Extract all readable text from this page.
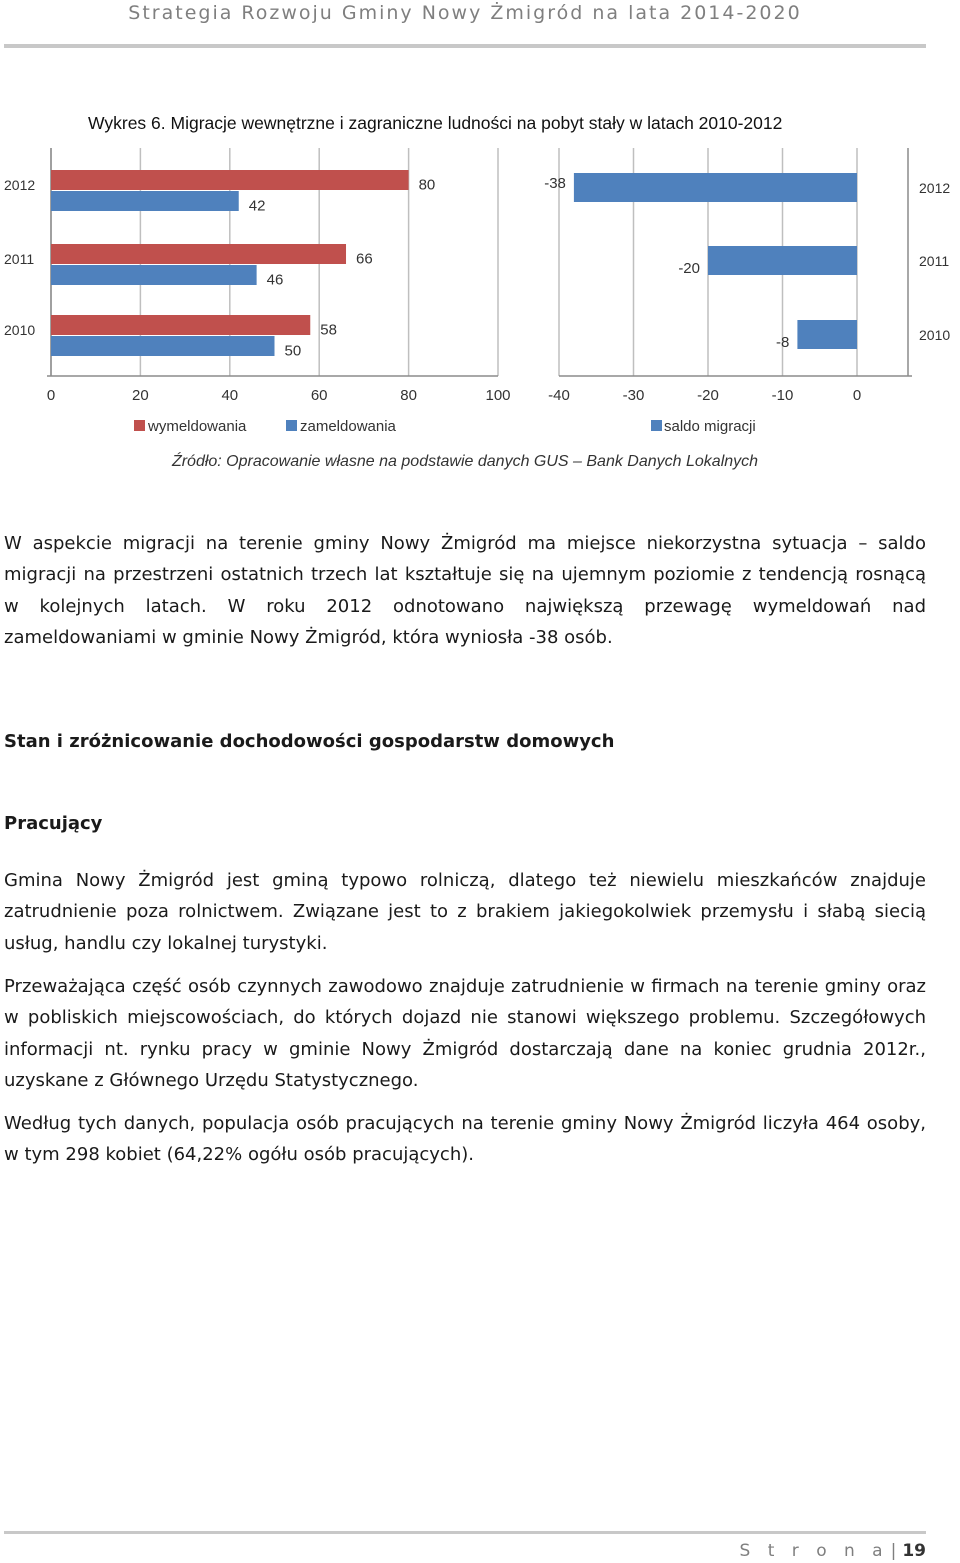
Strategia Rozwoju Gminy Nowy Żmigród na lata 2014-2020
Wykres 6. Migracje wewnętrzne i zagraniczne ludności na pobyt stały w latach 2010-2012
0	20	40	60	80	100
2012	80
42
2011	66
46
2010	58
50
wymeldowania	zameldowania
-40	-30	-20	-10	0
-38	2012
-20	2011
-8	2010
saldo migracji
Źródło: Opracowanie własne na podstawie danych GUS – Bank Danych Lokalnych

W aspekcie migracji na terenie gminy Nowy Żmigród ma miejsce niekorzystna sytuacja – saldo migracji na przestrzeni ostatnich trzech lat kształtuje się na ujemnym poziomie z tendencją rosnącą w kolejnych latach. W roku 2012 odnotowano największą przewagę wymeldowań nad zameldowaniami w gminie Nowy Żmigród, która wyniosła -38 osób.

Stan i zróżnicowanie dochodowości gospodarstw domowych
Pracujący

Gmina Nowy Żmigród jest gminą typowo rolniczą, dlatego też niewielu mieszkańców znajduje zatrudnienie poza rolnictwem. Związane jest to z brakiem jakiegokolwiek przemysłu i słabą siecią usług, handlu czy lokalnej turystyki.

Przeważająca część osób czynnych zawodowo znajduje zatrudnienie w firmach na terenie gminy oraz w pobliskich miejscowościach, do których dojazd nie stanowi większego problemu. Szczegółowych informacji nt. rynku pracy w gminie Nowy Żmigród dostarczają dane na koniec grudnia 2012r., uzyskane z Głównego Urzędu Statystycznego.

Według tych danych, populacja osób pracujących na terenie gminy Nowy Żmigród liczyła 464 osoby, w tym 298 kobiet (64,22% ogółu osób pracujących).

S t r o n a | 19
